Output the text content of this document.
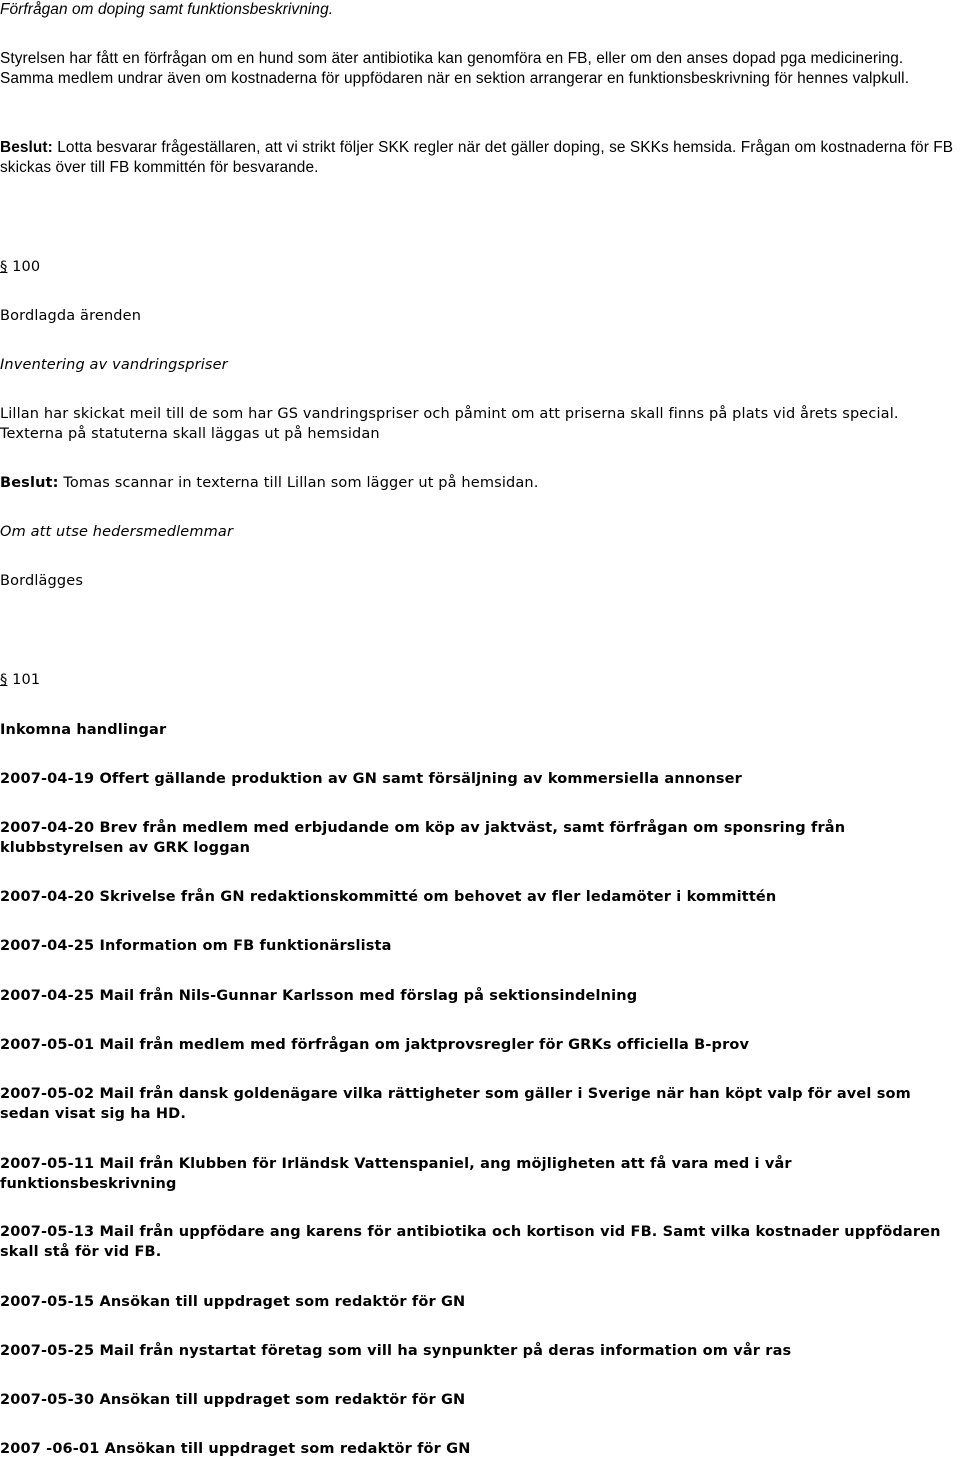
Förfrågan om doping samt funktionsbeskrivning.
Styrelsen har fått en förfrågan om en hund som äter antibiotika kan genomföra en FB, eller om den anses dopad pga medicinering. Samma medlem undrar även om kostnaderna för uppfödaren när en sektion arrangerar en funktionsbeskrivning för hennes valpkull.
Beslut: Lotta besvarar frågeställaren, att vi strikt följer SKK regler när det gäller doping, se SKKs hemsida. Frågan om kostnaderna för FB skickas över till FB kommittén för besvarande.
§ 100
Bordlagda ärenden
Inventering av vandringspriser
Lillan har skickat meil till de som har GS vandringspriser och påmint om att priserna skall finns på plats vid årets special. Texterna på statuterna skall läggas ut på hemsidan
Beslut: Tomas scannar in texterna till Lillan som lägger ut på hemsidan.
Om att utse hedersmedlemmar
Bordlägges
§ 101
Inkomna handlingar
2007-04-19 Offert gällande produktion av GN samt försäljning av kommersiella annonser
2007-04-20 Brev från medlem med erbjudande om köp av jaktväst, samt förfrågan om sponsring från klubbstyrelsen av GRK loggan
2007-04-20 Skrivelse från GN redaktionskommitté om behovet av fler ledamöter i kommittén
2007-04-25 Information om FB funktionärslista
2007-04-25 Mail från Nils-Gunnar Karlsson med förslag på sektionsindelning
2007-05-01 Mail från medlem med förfrågan om jaktprovsregler för GRKs officiella B-prov
2007-05-02 Mail från dansk goldenägare vilka rättigheter som gäller i Sverige när han köpt valp för avel som sedan visat sig ha HD.
2007-05-11 Mail från Klubben för Irländsk Vattenspaniel, ang möjligheten att få vara med i vår funktionsbeskrivning
2007-05-13 Mail från uppfödare ang karens för antibiotika och kortison vid FB. Samt vilka kostnader uppfödaren skall stå för vid FB.
2007-05-15 Ansökan till uppdraget som redaktör för GN
2007-05-25 Mail från nystartat företag som vill ha synpunkter på deras information om vår ras
2007-05-30 Ansökan till uppdraget som redaktör för GN
2007 -06-01 Ansökan till uppdraget som redaktör för GN
